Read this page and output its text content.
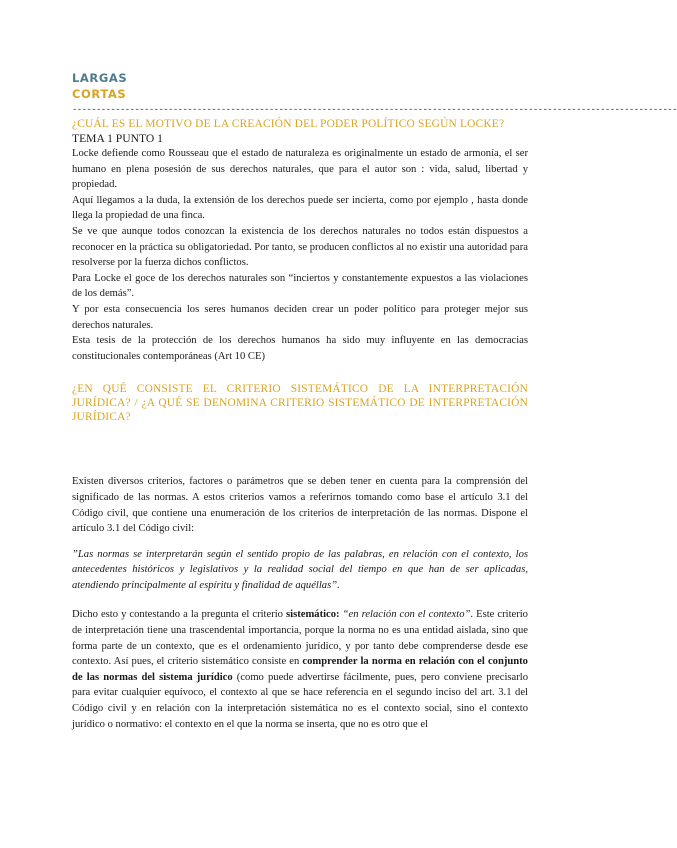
LARGAS
CORTAS
------------------------------------------------------------------------------------------------------------------------------
¿CUÁL ES EL MOTIVO DE LA CREACIÓN DEL PODER POLÍTICO SEGÚN LOCKE?
TEMA 1 PUNTO 1

Locke defiende como Rousseau que el estado de naturaleza es originalmente un estado de armonía, el ser humano en plena posesión de sus derechos naturales, que para el autor son : vida, salud, libertad y propiedad.

Aquí llegamos a la duda, la extensión de los derechos puede ser incierta, como por ejemplo , hasta donde llega la propiedad de una finca.

Se ve que aunque todos conozcan la existencia de los derechos naturales no todos están dispuestos a reconocer en la práctica su obligatoriedad. Por tanto, se producen conflictos al no existir una autoridad para resolverse por la fuerza dichos conflictos.

Para Locke el goce de los derechos naturales son “inciertos y constantemente expuestos a las violaciones de los demás”.

Y por esta consecuencia los seres humanos deciden crear un poder político para proteger mejor sus derechos naturales.

Esta tesis de la protección de los derechos humanos ha sido muy influyente en las democracias constitucionales contemporáneas (Art 10 CE)

¿EN QUÉ CONSISTE EL CRITERIO SISTEMÁTICO DE LA INTERPRETACIÓN JURÍDICA? / ¿A QUÉ SE DENOMINA CRITERIO SISTEMÁTICO DE INTERPRETACIÓN JURÍDICA?

Existen diversos criterios, factores o parámetros que se deben tener en cuenta para la comprensión del significado de las normas. A estos criterios vamos a referirnos tomando como base el artículo 3.1 del Código civil, que contiene una enumeración de los criterios de interpretación de las normas. Dispone el artículo 3.1 del Código civil:

”Las normas se interpretarán según el sentido propio de las palabras, en relación con el contexto, los antecedentes históricos y legislativos y la realidad social del tiempo en que han de ser aplicadas, atendiendo principalmente al espíritu y finalidad de aquéllas”.

Dicho esto y contestando a la pregunta el criterio sistemático: “en relación con el contexto”. Este criterio de interpretación tiene una trascendental importancia, porque la norma no es una entidad aislada, sino que forma parte de un contexto, que es el ordenamiento jurídico, y por tanto debe comprenderse desde ese contexto. Así pues, el criterio sistemático consiste en comprender la norma en relación con el conjunto de las normas del sistema jurídico (como puede advertirse fácilmente, pues, pero conviene precisarlo para evitar cualquier equívoco, el contexto al que se hace referencia en el segundo inciso del art. 3.1 del Código civil y en relación con la interpretación sistemática no es el contexto social, sino el contexto jurídico o normativo: el contexto en el que la norma se inserta, que no es otro que el
